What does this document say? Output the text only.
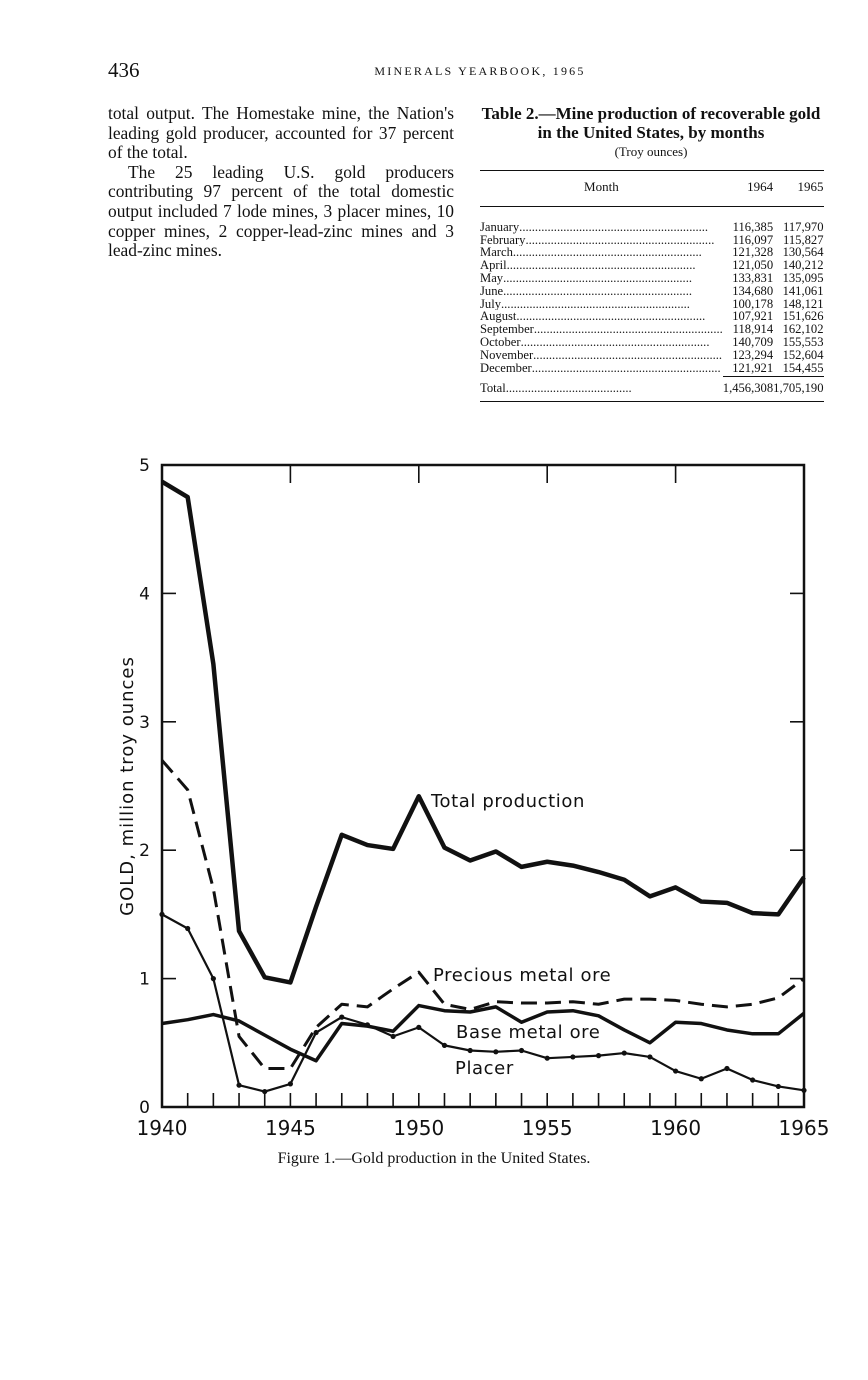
436	MINERALS YEARBOOK, 1965

total output. The Homestake mine, the Nation's leading gold producer, accounted for 37 percent of the total.

The 25 leading U.S. gold producers contributing 97 percent of the total domestic output included 7 lode mines, 3 placer mines, 10 copper mines, 2 copper-lead-zinc mines and 3 lead-zinc mines.

Table 2.—Mine production of recoverable gold in the United States, by months

(Troy ounces)

Month	1964	1965
January............................................................	116,385	117,970
February............................................................	116,097	115,827
March............................................................	121,328	130,564
April............................................................	121,050	140,212
May............................................................	133,831	135,095
June............................................................	134,680	141,061
July............................................................	100,178	148,121
August............................................................	107,921	151,626
September............................................................	118,914	162,102
October............................................................	140,709	155,553
November............................................................	123,294	152,604
December............................................................	121,921	154,455
Total........................................	1,456,308	1,705,190
1940	1945	1950	1955	1960	1965
0
1
2
3
4
5
GOLD, million troy ounces	Total production
Precious metal ore
Base metal ore
Placer
Figure 1.—Gold production in the United States.
